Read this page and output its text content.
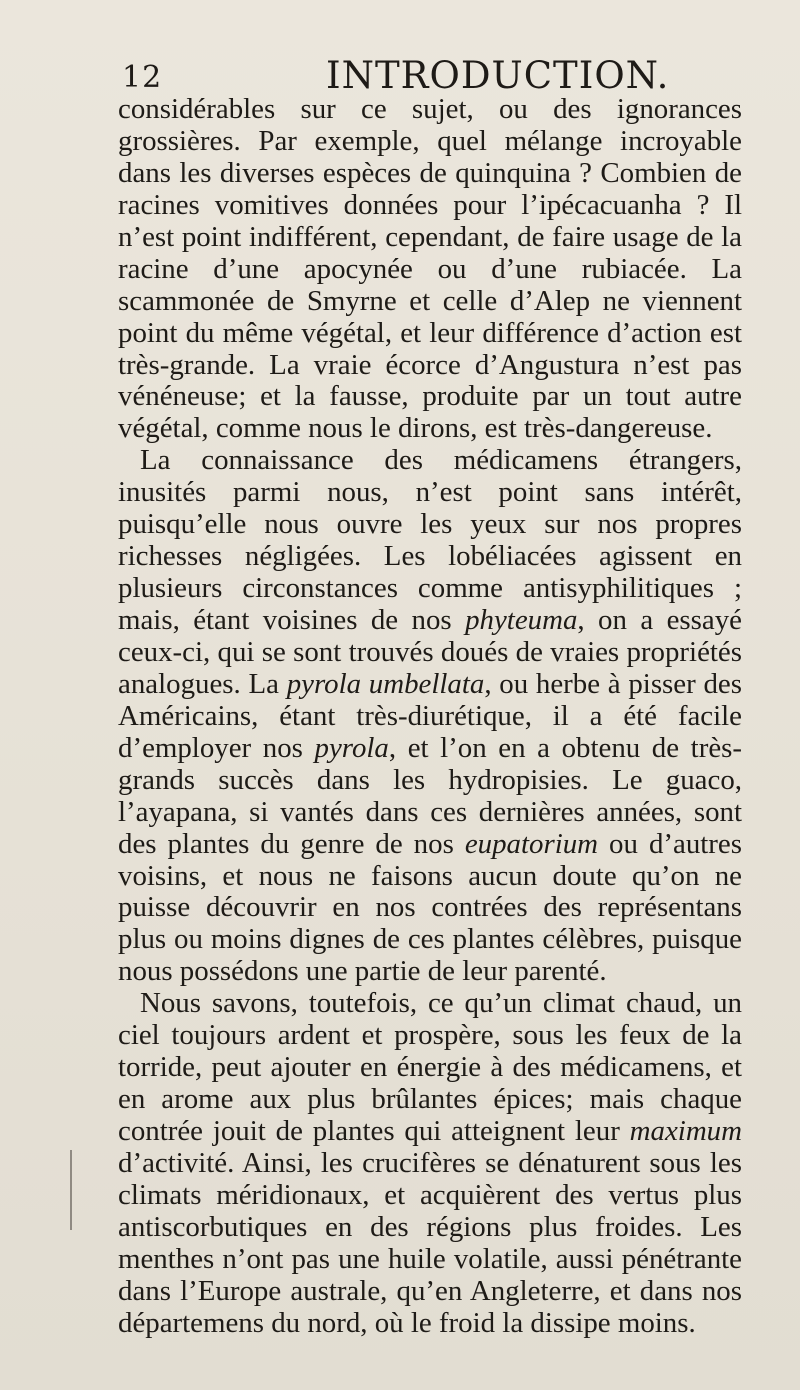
12	INTRODUCTION.

considérables sur ce sujet, ou des ignorances grossières. Par exemple, quel mélange incroyable dans les diverses espèces de quinquina ? Combien de racines vomitives données pour l’ipécacuanha ? Il n’est point indifférent, cependant, de faire usage de la racine d’une apocynée ou d’une rubiacée. La scammonée de Smyrne et celle d’Alep ne viennent point du même végétal, et leur différence d’action est très-grande. La vraie écorce d’Angustura n’est pas vénéneuse; et la fausse, produite par un tout autre végétal, comme nous le dirons, est très-dangereuse.

La connaissance des médicamens étrangers, inusités parmi nous, n’est point sans intérêt, puisqu’elle nous ouvre les yeux sur nos propres richesses négligées. Les lobéliacées agissent en plusieurs circonstances comme antisyphilitiques ; mais, étant voisines de nos phyteuma, on a essayé ceux-ci, qui se sont trouvés doués de vraies propriétés analogues. La pyrola umbellata, ou herbe à pisser des Américains, étant très-diurétique, il a été facile d’employer nos pyrola, et l’on en a obtenu de très-grands succès dans les hydropisies. Le guaco, l’ayapana, si vantés dans ces dernières années, sont des plantes du genre de nos eupatorium ou d’autres voisins, et nous ne faisons aucun doute qu’on ne puisse découvrir en nos contrées des représentans plus ou moins dignes de ces plantes célèbres, puisque nous possédons une partie de leur parenté.

Nous savons, toutefois, ce qu’un climat chaud, un ciel toujours ardent et prospère, sous les feux de la torride, peut ajouter en énergie à des médicamens, et en arome aux plus brûlantes épices; mais chaque contrée jouit de plantes qui atteignent leur maximum d’activité. Ainsi, les crucifères se dénaturent sous les climats méridionaux, et acquièrent des vertus plus antiscorbutiques en des régions plus froides. Les menthes n’ont pas une huile volatile, aussi pénétrante dans l’Europe australe, qu’en Angleterre, et dans nos départemens du nord, où le froid la dissipe moins.
